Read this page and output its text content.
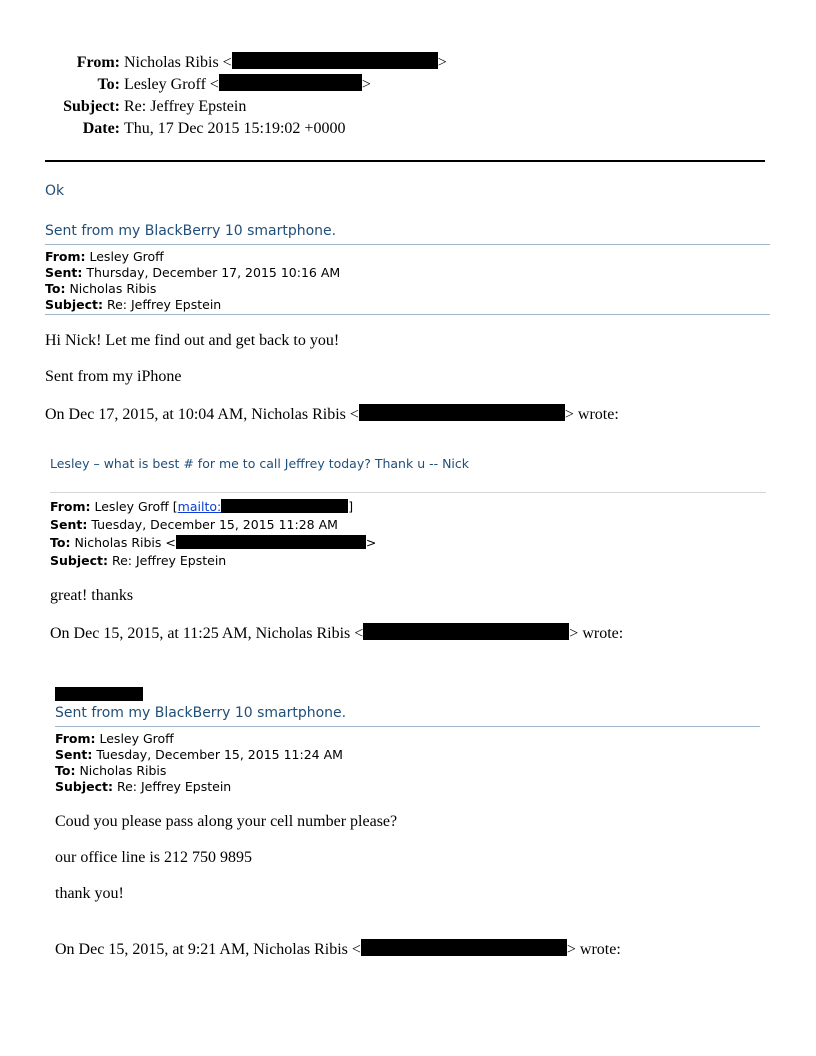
From: Nicholas Ribis <	>
To: Lesley Groff <	>
Subject: Re: Jeffrey Epstein
Date: Thu, 17 Dec 2015 15:19:02 +0000
Ok
Sent from my BlackBerry 10 smartphone.
From: Lesley Groff
Sent: Thursday, December 17, 2015 10:16 AM
To: Nicholas Ribis
Subject: Re: Jeffrey Epstein
Hi Nick! Let me find out and get back to you!
Sent from my iPhone
On Dec 17, 2015, at 10:04 AM, Nicholas Ribis <	> wrote:
Lesley – what is best # for me to call Jeffrey today? Thank u -- Nick
From: Lesley Groff [mailto:	]
Sent: Tuesday, December 15, 2015 11:28 AM
To: Nicholas Ribis <	>
Subject: Re: Jeffrey Epstein
great! thanks
On Dec 15, 2015, at 11:25 AM, Nicholas Ribis <	> wrote:
Sent from my BlackBerry 10 smartphone.
From: Lesley Groff
Sent: Tuesday, December 15, 2015 11:24 AM
To: Nicholas Ribis
Subject: Re: Jeffrey Epstein
Coud you please pass along your cell number please?
our office line is 212 750 9895
thank you!
On Dec 15, 2015, at 9:21 AM, Nicholas Ribis <	> wrote:
